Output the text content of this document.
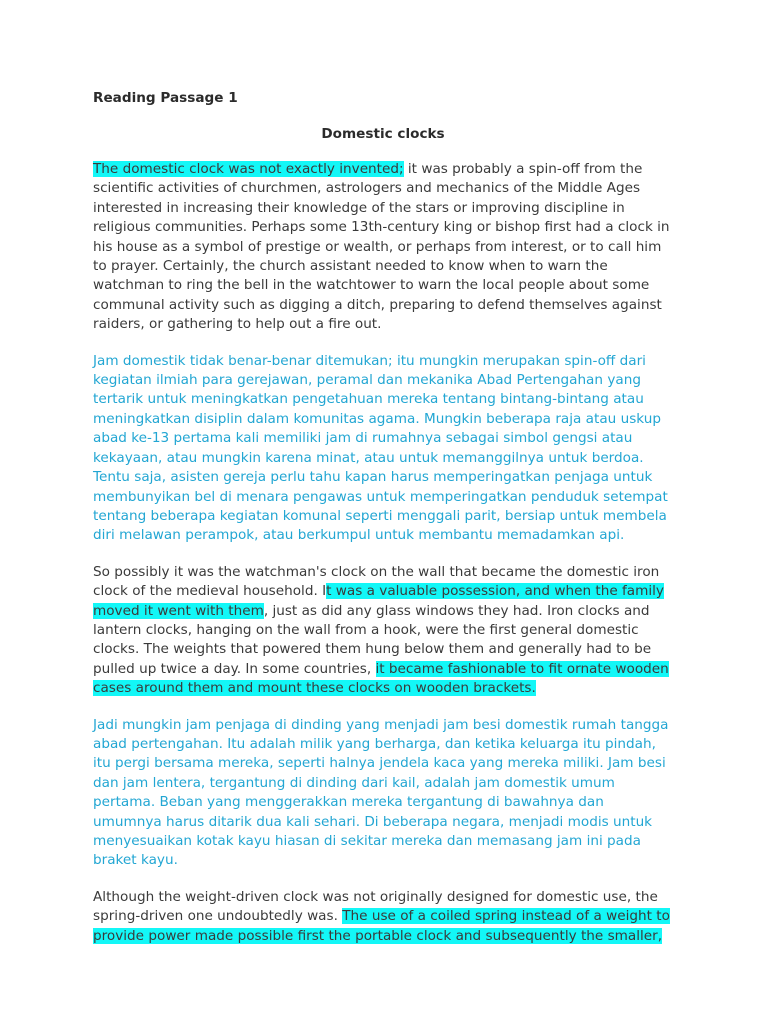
Reading Passage 1

Domestic clocks

The domestic clock was not exactly invented; it was probably a spin-off from the scientific activities of churchmen, astrologers and mechanics of the Middle Ages interested in increasing their knowledge of the stars or improving discipline in religious communities. Perhaps some 13th-century king or bishop first had a clock in his house as a symbol of prestige or wealth, or perhaps from interest, or to call him to prayer. Certainly, the church assistant needed to know when to warn the watchman to ring the bell in the watchtower to warn the local people about some communal activity such as digging a ditch, preparing to defend themselves against raiders, or gathering to help out a fire out.

Jam domestik tidak benar-benar ditemukan; itu mungkin merupakan spin-off dari kegiatan ilmiah para gerejawan, peramal dan mekanika Abad Pertengahan yang tertarik untuk meningkatkan pengetahuan mereka tentang bintang-bintang atau meningkatkan disiplin dalam komunitas agama. Mungkin beberapa raja atau uskup abad ke-13 pertama kali memiliki jam di rumahnya sebagai simbol gengsi atau kekayaan, atau mungkin karena minat, atau untuk memanggilnya untuk berdoa. Tentu saja, asisten gereja perlu tahu kapan harus memperingatkan penjaga untuk membunyikan bel di menara pengawas untuk memperingatkan penduduk setempat tentang beberapa kegiatan komunal seperti menggali parit, bersiap untuk membela diri melawan perampok, atau berkumpul untuk membantu memadamkan api.

So possibly it was the watchman's clock on the wall that became the domestic iron clock of the medieval household. It was a valuable possession, and when the family moved it went with them, just as did any glass windows they had. Iron clocks and lantern clocks, hanging on the wall from a hook, were the first general domestic clocks. The weights that powered them hung below them and generally had to be pulled up twice a day. In some countries, it became fashionable to fit ornate wooden cases around them and mount these clocks on wooden brackets.

Jadi mungkin jam penjaga di dinding yang menjadi jam besi domestik rumah tangga abad pertengahan. Itu adalah milik yang berharga, dan ketika keluarga itu pindah, itu pergi bersama mereka, seperti halnya jendela kaca yang mereka miliki. Jam besi dan jam lentera, tergantung di dinding dari kail, adalah jam domestik umum pertama. Beban yang menggerakkan mereka tergantung di bawahnya dan umumnya harus ditarik dua kali sehari. Di beberapa negara, menjadi modis untuk menyesuaikan kotak kayu hiasan di sekitar mereka dan memasang jam ini pada braket kayu.

Although the weight-driven clock was not originally designed for domestic use, the spring-driven one undoubtedly was. The use of a coiled spring instead of a weight to provide power made possible first the portable clock and subsequently the smaller,
